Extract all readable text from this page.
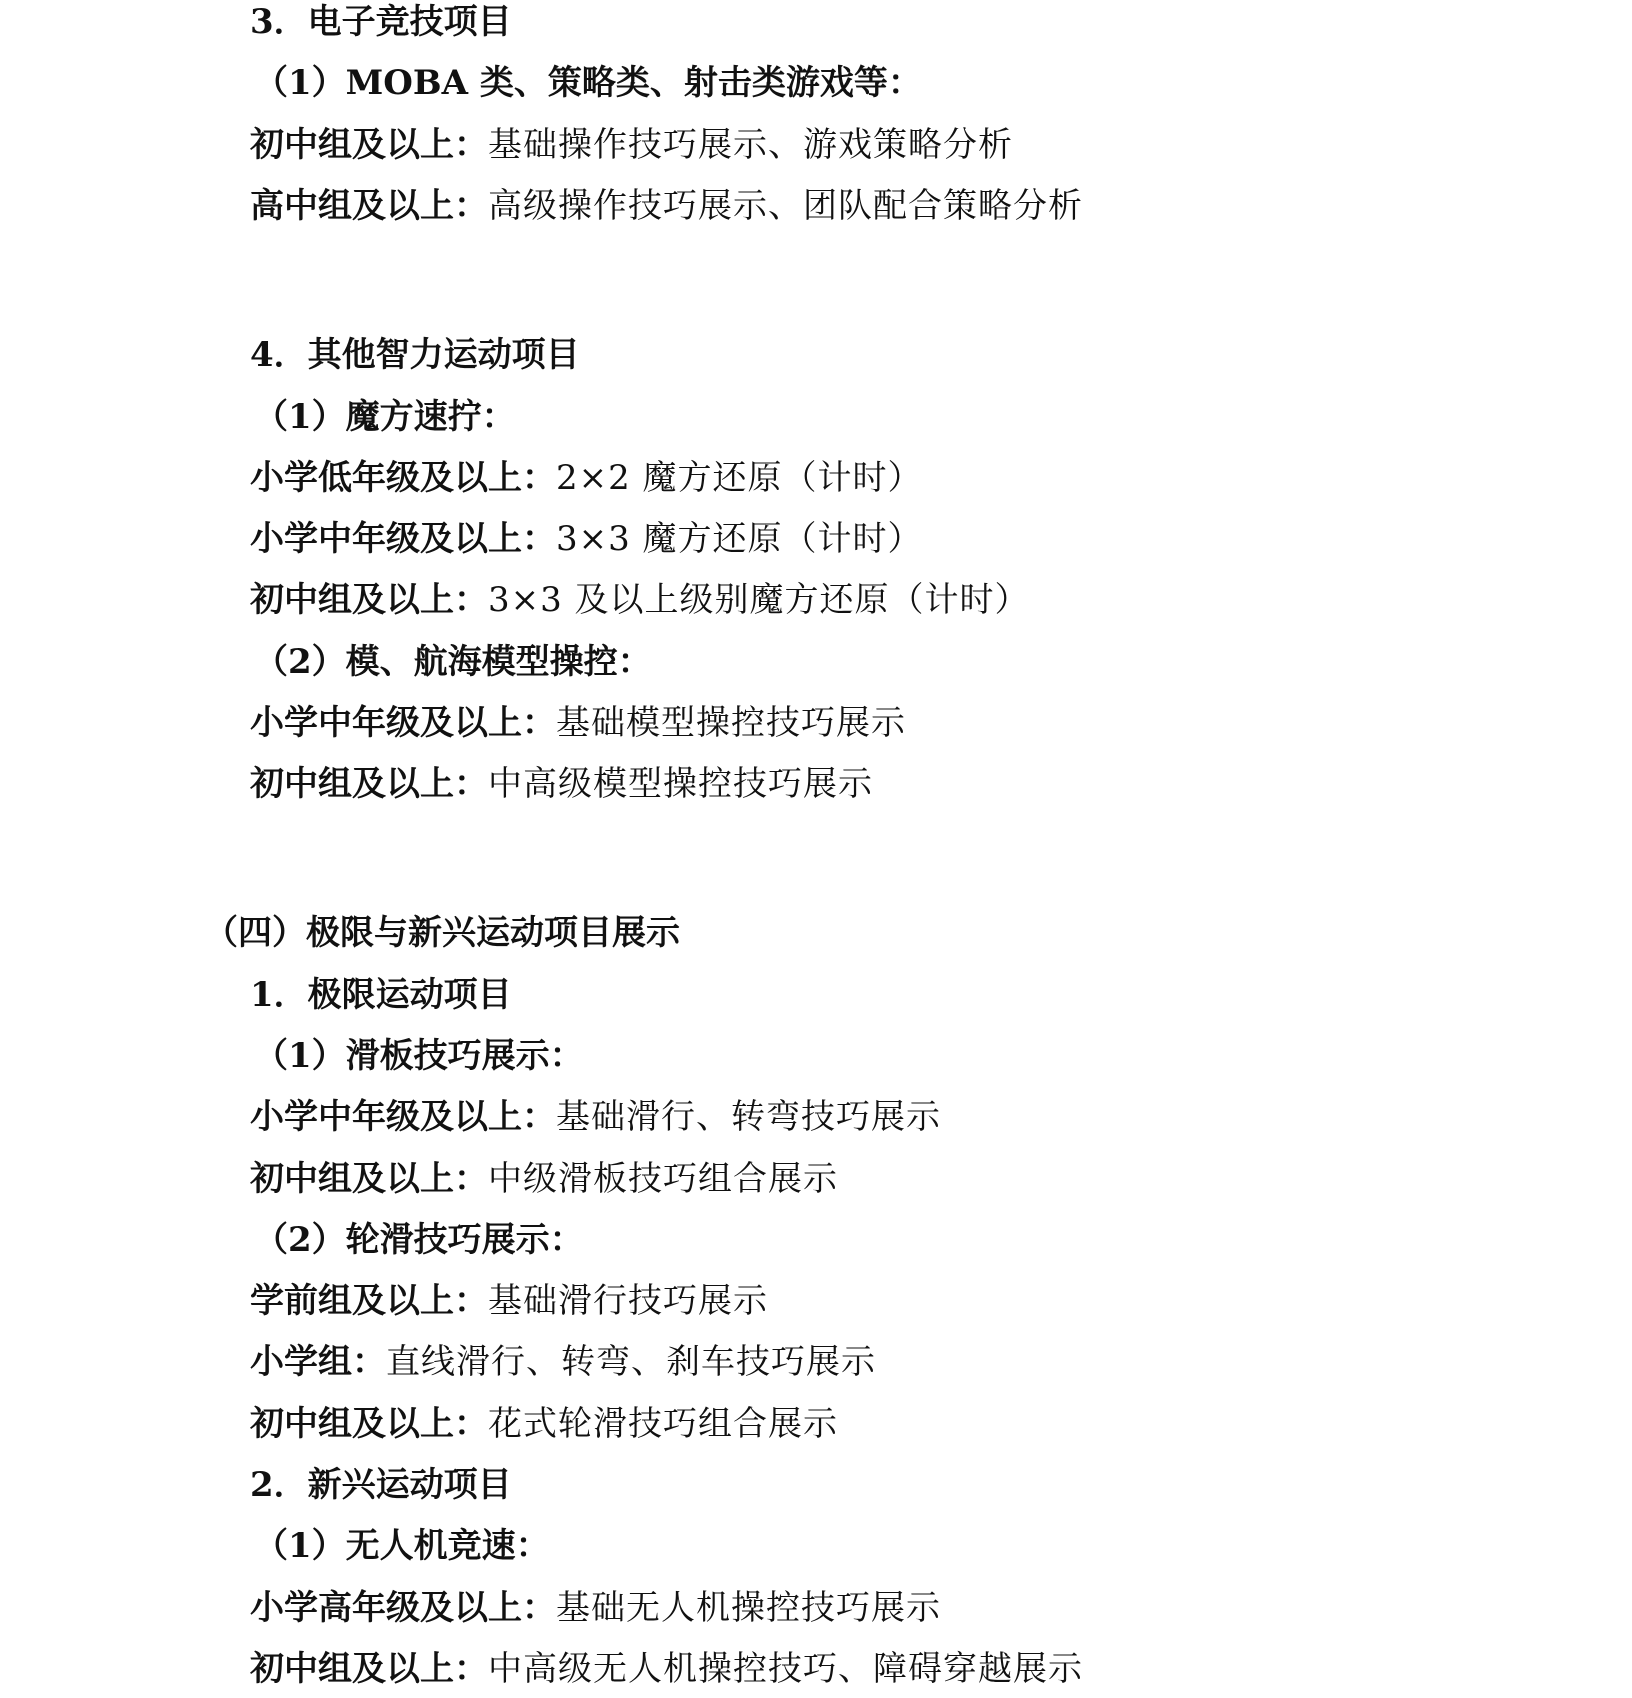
3．电子竞技项目
（1）MOBA 类、策略类、射击类游戏等：
初中组及以上：基础操作技巧展示、游戏策略分析
高中组及以上：高级操作技巧展示、团队配合策略分析
4．其他智力运动项目
（1）魔方速拧：
小学低年级及以上：2×2 魔方还原（计时）
小学中年级及以上：3×3 魔方还原（计时）
初中组及以上：3×3 及以上级别魔方还原（计时）
（2）模、航海模型操控：
小学中年级及以上：基础模型操控技巧展示
初中组及以上：中高级模型操控技巧展示
（四）极限与新兴运动项目展示
1．极限运动项目
（1）滑板技巧展示：
小学中年级及以上：基础滑行、转弯技巧展示
初中组及以上：中级滑板技巧组合展示
（2）轮滑技巧展示：
学前组及以上：基础滑行技巧展示
小学组：直线滑行、转弯、刹车技巧展示
初中组及以上：花式轮滑技巧组合展示
2．新兴运动项目
（1）无人机竞速：
小学高年级及以上：基础无人机操控技巧展示
初中组及以上：中高级无人机操控技巧、障碍穿越展示
